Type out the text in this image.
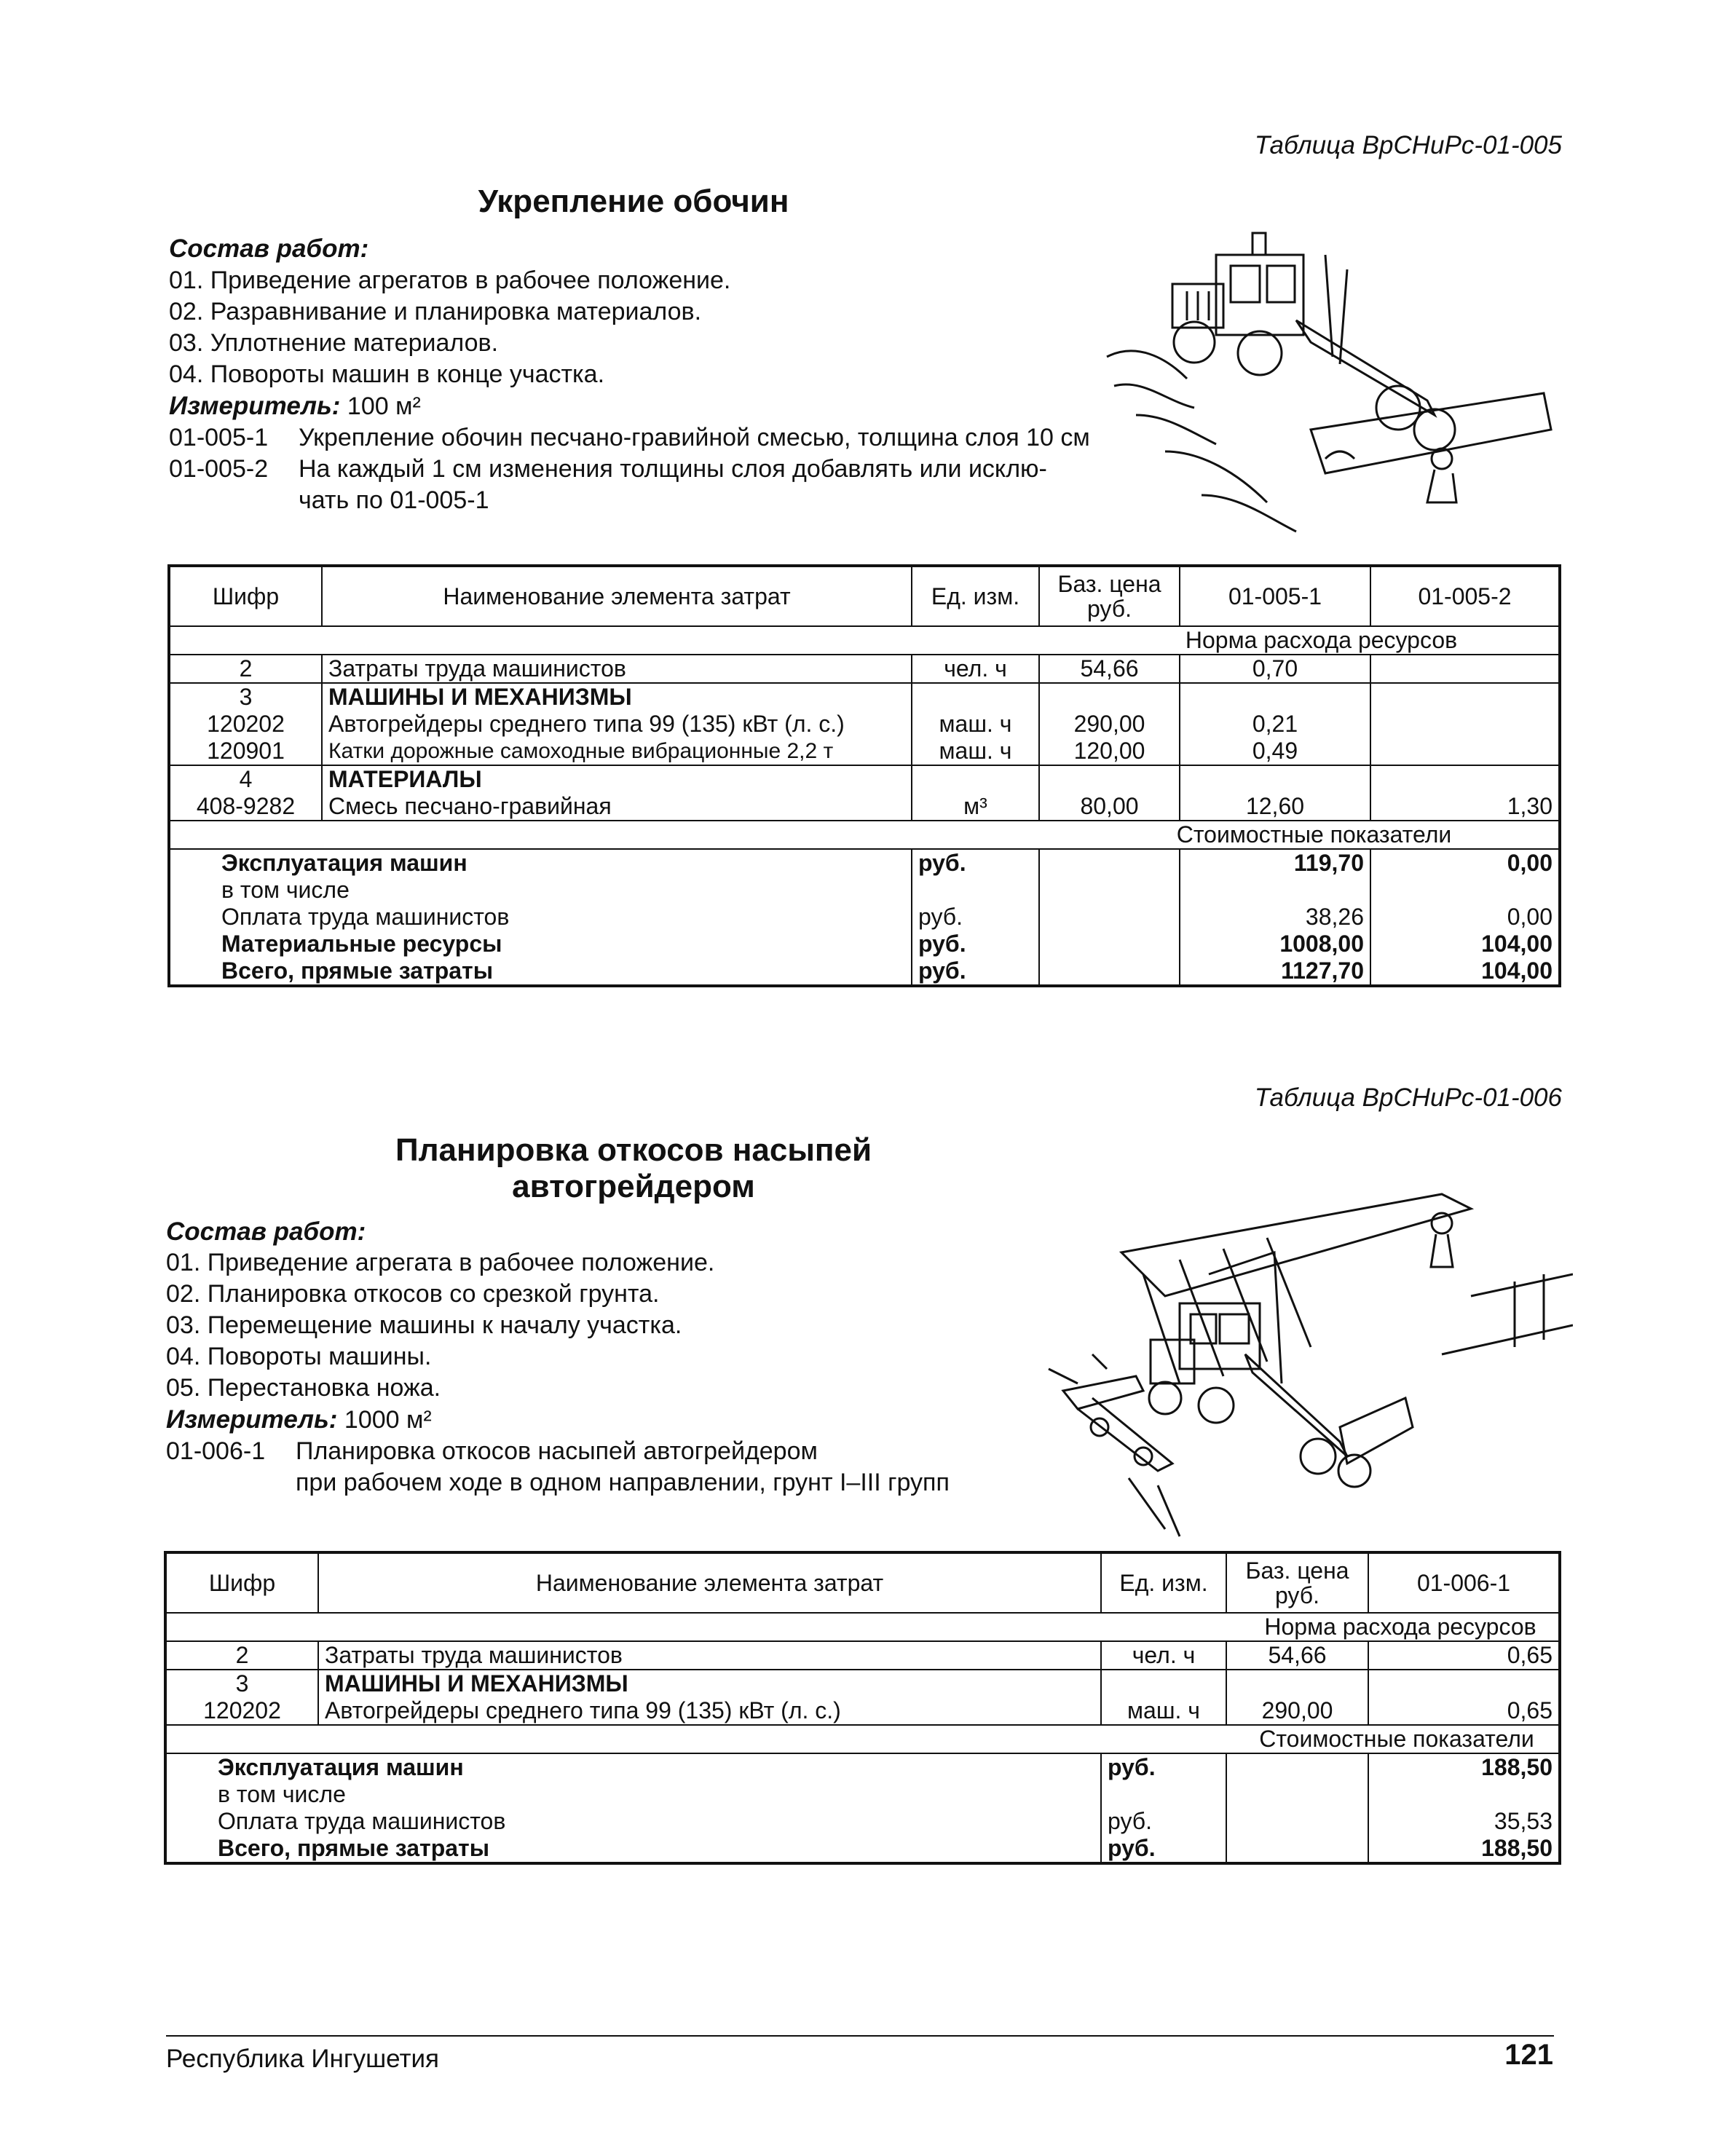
Таблица ВрСНиРс-01-005
Укрепление обочин
Состав работ:
01. Приведение агрегатов в рабочее положение.
02. Разравнивание и планировка материалов.
03. Уплотнение материалов.
04. Повороты машин в конце участка.
Измеритель: 100 м²
01-005-1 Укрепление обочин песчано-гравийной смесью, толщина слоя 10 см
01-005-2 На каждый 1 см изменения толщины слоя добавлять или исклю-
чать по 01-005-1
Шифр	Наименование элемента затрат	Ед. изм.	Баз. цена руб.	01-005-1	01-005-2
			Норма расхода ресурсов		
2	Затраты труда машинистов	чел. ч	54,66	0,70	
3	МАШИНЫ И МЕХАНИЗМЫ				
120202	Автогрейдеры среднего типа 99 (135) кВт (л. с.)	маш. ч	290,00	0,21	
120901	Катки дорожные самоходные вибрационные 2,2 т	маш. ч	120,00	0,49	
4	МАТЕРИАЛЫ				
408-9282	Смесь песчано-гравийная	м³	80,00	12,60	1,30
			Стоимостные показатели		
Эксплуатация машин		руб.		119,70	0,00
в том числе					
Оплата труда машинистов		руб.		38,26	0,00
Материальные ресурсы		руб.		1008,00	104,00
Всего, прямые затраты		руб.		1127,70	104,00
Таблица ВрСНиРс-01-006
Планировка откосов насыпей
автогрейдером
Состав работ:
01. Приведение агрегата в рабочее положение.
02. Планировка откосов со срезкой грунта.
03. Перемещение машины к началу участка.
04. Повороты машины.
05. Перестановка ножа.
Измеритель: 1000 м²
01-006-1 Планировка откосов насыпей автогрейдером
при рабочем ходе в одном направлении, грунт I–III групп
Шифр	Наименование элемента затрат	Ед. изм.	Баз. цена руб.	01-006-1
			Норма расхода ресурсов	
2	Затраты труда машинистов	чел. ч	54,66	0,65
3	МАШИНЫ И МЕХАНИЗМЫ			
120202	Автогрейдеры среднего типа 99 (135) кВт (л. с.)	маш. ч	290,00	0,65
			Стоимостные показатели	
Эксплуатация машин		руб.		188,50
в том числе				
Оплата труда машинистов		руб.		35,53
Всего, прямые затраты		руб.		188,50
Республика Ингушетия	121
